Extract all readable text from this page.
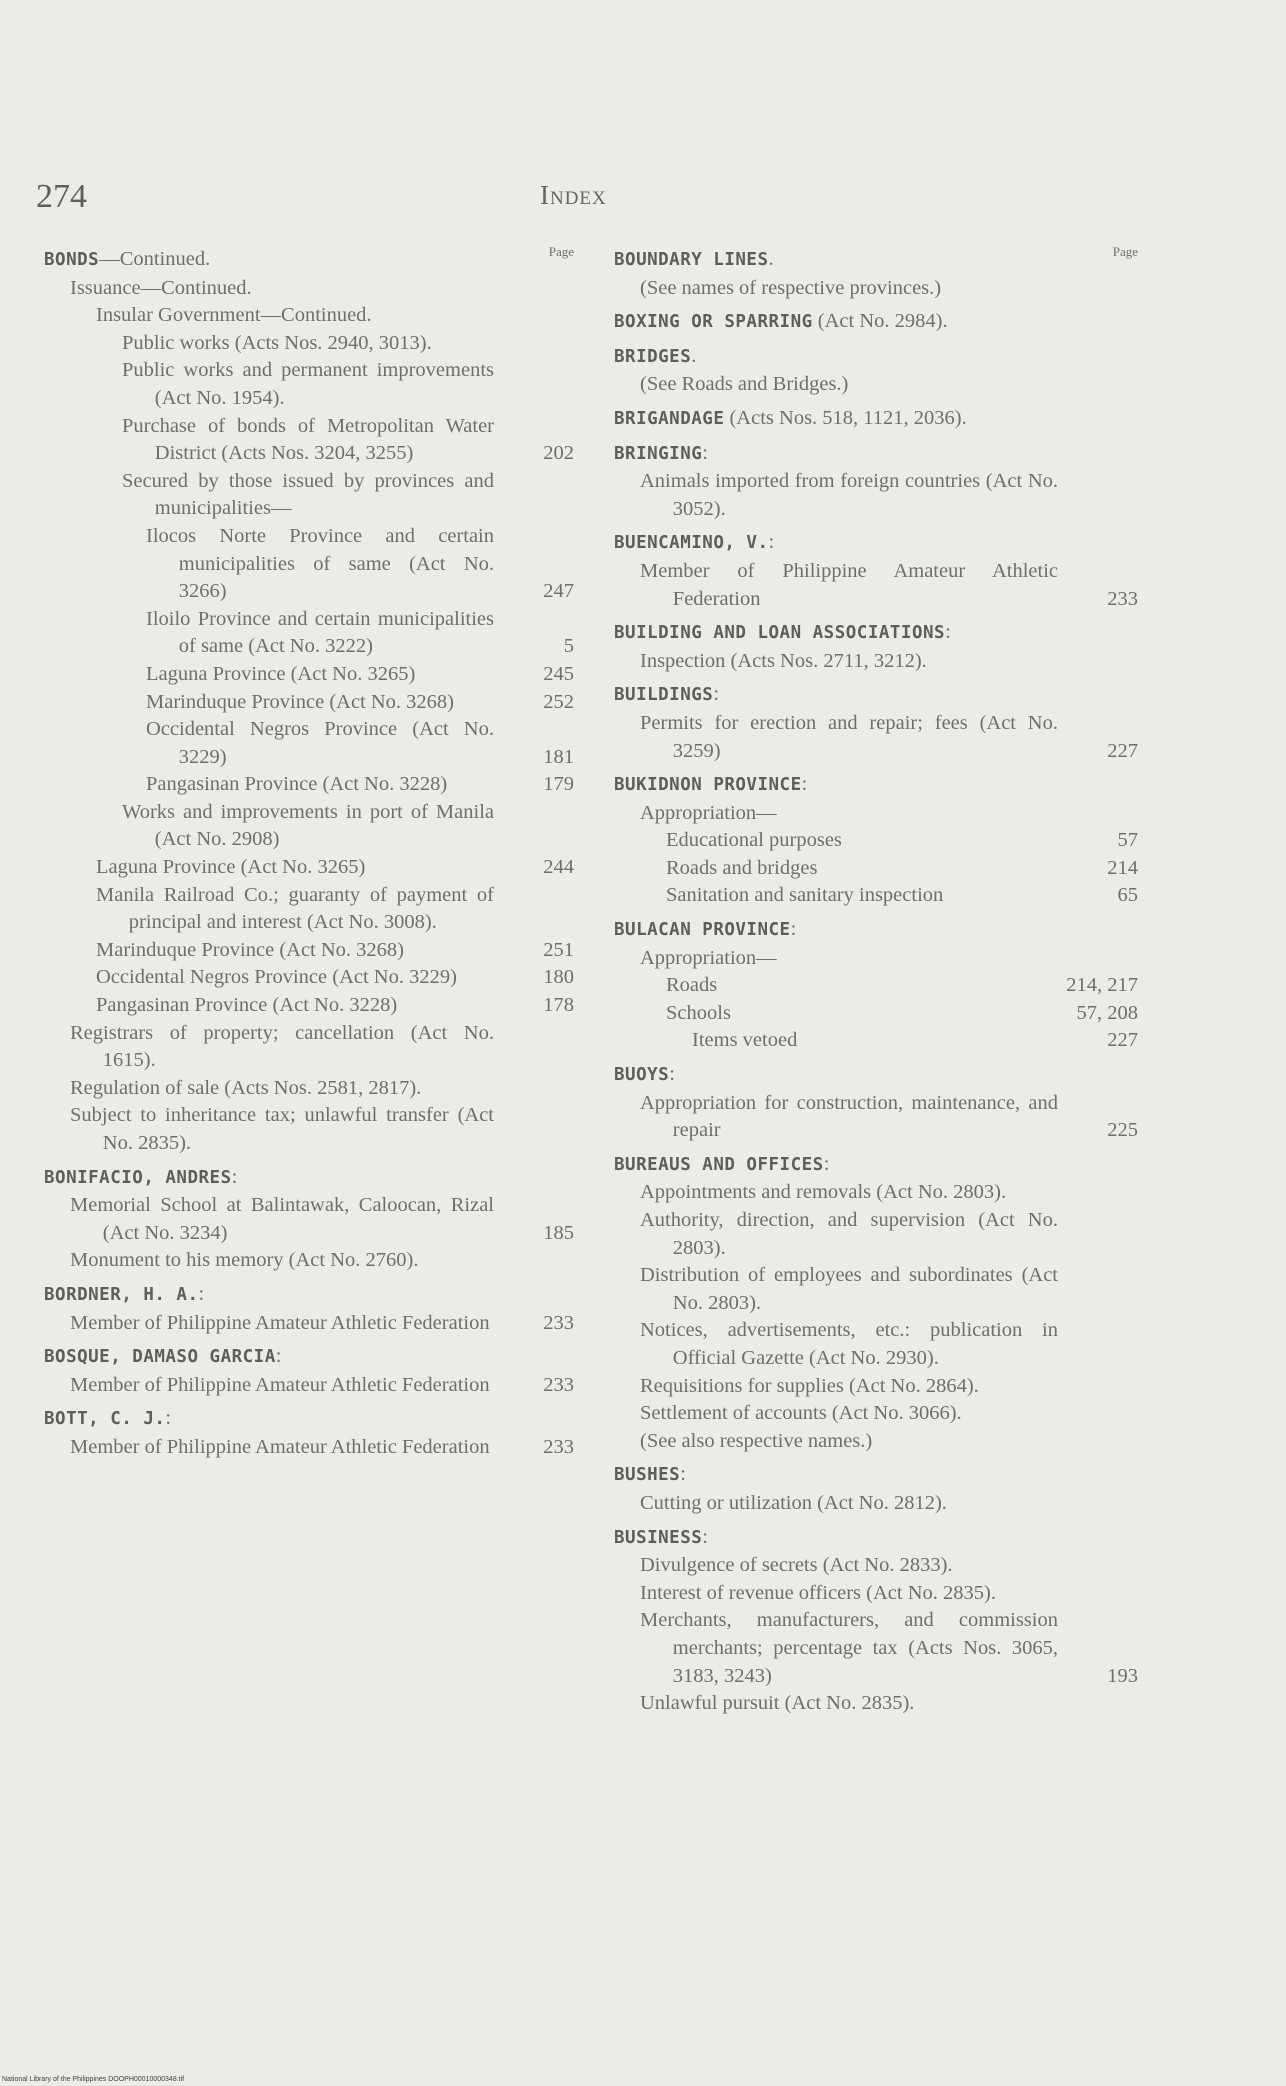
274	Index
Page
BONDS—Continued.
Issuance—Continued.
Insular Government—Continued.
Public works (Acts Nos. 2940, 3013).
Public works and permanent improvements (Act No. 1954).
Purchase of bonds of Metropolitan Water District (Acts Nos. 3204, 3255)	202
Secured by those issued by provinces and municipalities—
Ilocos Norte Province and certain municipalities of same (Act No. 3266)	247
Iloilo Province and certain municipalities of same (Act No. 3222)	5
Laguna Province (Act No. 3265)	245
Marinduque Province (Act No. 3268)	252
Occidental Negros Province (Act No. 3229)	181
Pangasinan Province (Act No. 3228)	179
Works and improvements in port of Manila (Act No. 2908)
Laguna Province (Act No. 3265)	244
Manila Railroad Co.; guaranty of payment of principal and interest (Act No. 3008).
Marinduque Province (Act No. 3268)	251
Occidental Negros Province (Act No. 3229)	180
Pangasinan Province (Act No. 3228)	178
Registrars of property; cancellation (Act No. 1615).
Regulation of sale (Acts Nos. 2581, 2817).
Subject to inheritance tax; unlawful transfer (Act No. 2835).
BONIFACIO, ANDRES:
Memorial School at Balintawak, Caloocan, Rizal (Act No. 3234)	185
Monument to his memory (Act No. 2760).
BORDNER, H. A.:
Member of Philippine Amateur Athletic Federation	233
BOSQUE, DAMASO GARCIA:
Member of Philippine Amateur Athletic Federation	233
BOTT, C. J.:
Member of Philippine Amateur Athletic Federation	233
Page
BOUNDARY LINES.
(See names of respective provinces.)
BOXING OR SPARRING (Act No. 2984).
BRIDGES.
(See Roads and Bridges.)
BRIGANDAGE (Acts Nos. 518, 1121, 2036).
BRINGING:
Animals imported from foreign countries (Act No. 3052).
BUENCAMINO, V.:
Member of Philippine Amateur Athletic Federation	233
BUILDING AND LOAN ASSOCIATIONS:
Inspection (Acts Nos. 2711, 3212).
BUILDINGS:
Permits for erection and repair; fees (Act No. 3259)	227
BUKIDNON PROVINCE:
Appropriation—
Educational purposes	57
Roads and bridges	214
Sanitation and sanitary inspection	65
BULACAN PROVINCE:
Appropriation—
Roads	214, 217
Schools	57, 208
Items vetoed	227
BUOYS:
Appropriation for construction, maintenance, and repair	225
BUREAUS AND OFFICES:
Appointments and removals (Act No. 2803).
Authority, direction, and supervision (Act No. 2803).
Distribution of employees and subordinates (Act No. 2803).
Notices, advertisements, etc.: publication in Official Gazette (Act No. 2930).
Requisitions for supplies (Act No. 2864).
Settlement of accounts (Act No. 3066).
(See also respective names.)
BUSHES:
Cutting or utilization (Act No. 2812).
BUSINESS:
Divulgence of secrets (Act No. 2833).
Interest of revenue officers (Act No. 2835).
Merchants, manufacturers, and commission merchants; percentage tax (Acts Nos. 3065, 3183, 3243)	193
Unlawful pursuit (Act No. 2835).
National Library of the Philippines DOOPH00010000348.tif
